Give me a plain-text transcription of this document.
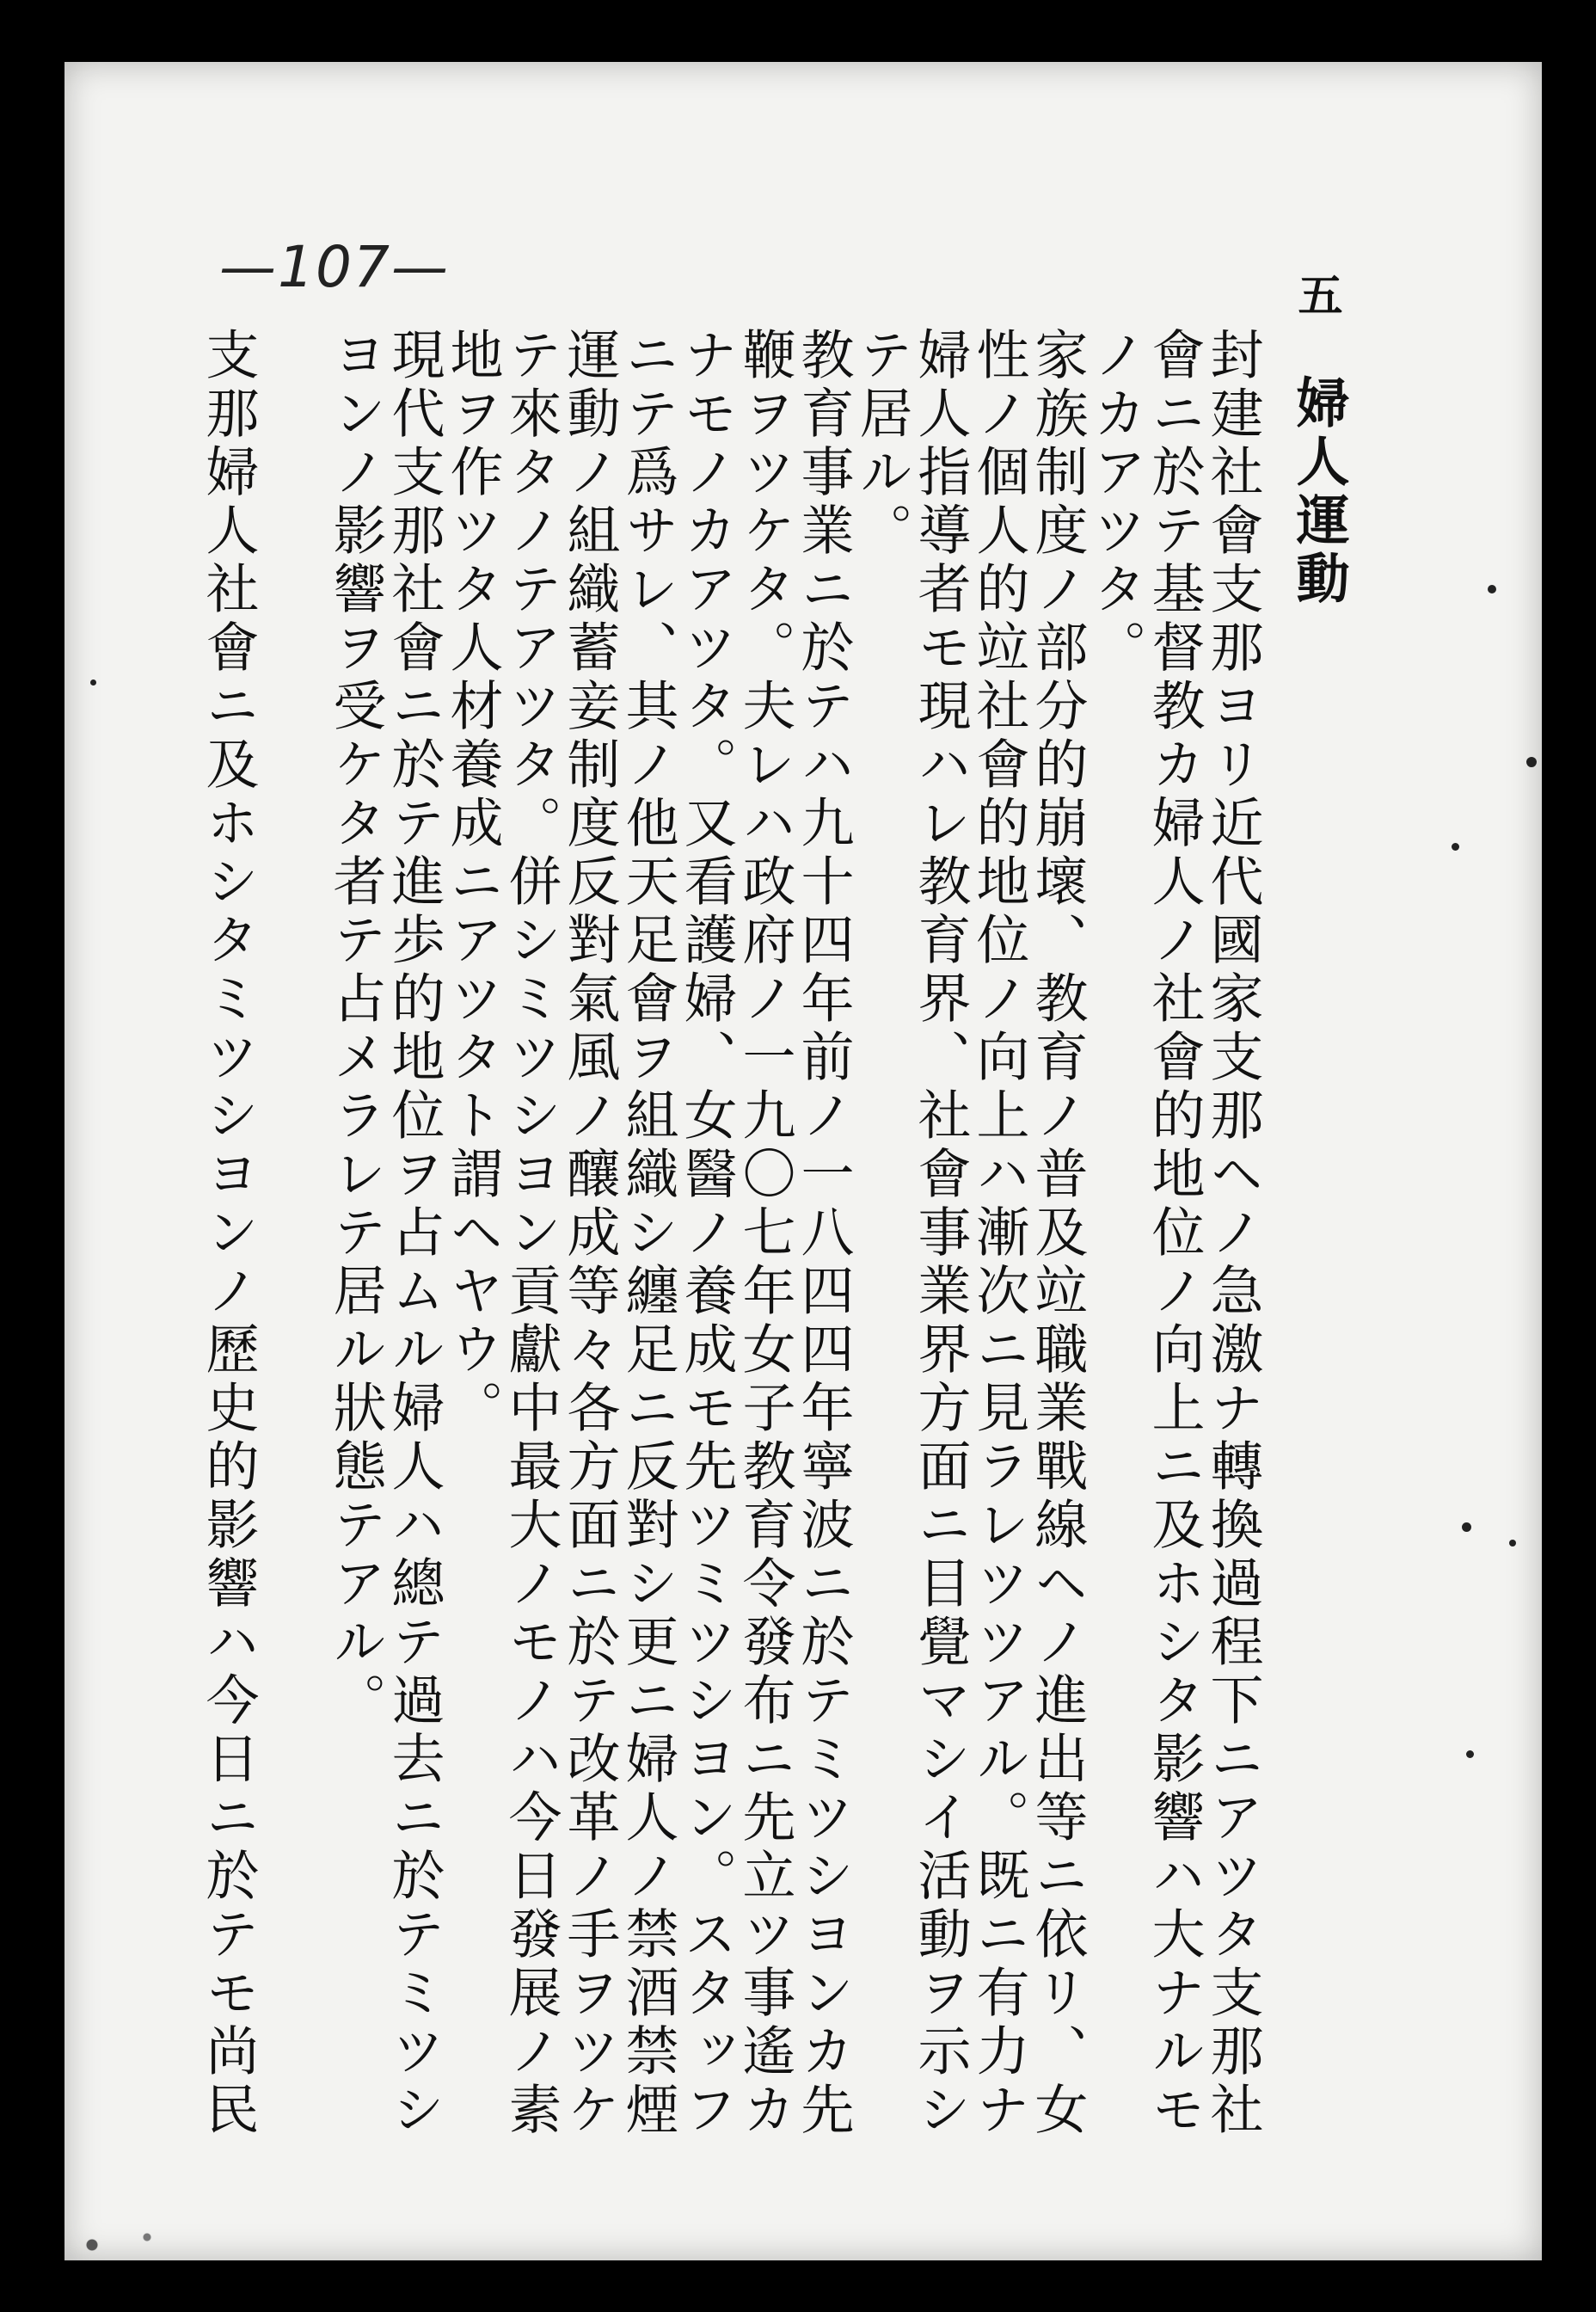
—107—	五
婦人運動
封建社會支那ヨリ近代國家支那ヘノ急激ナ轉換過程下ニアツタ支那社
會ニ於テ基督教カ婦人ノ社會的地位ノ向上ニ及ホシタ影響ハ大ナルモ
ノカアツタ。
家族制度ノ部分的崩壞、教育ノ普及竝職業戰線ヘノ進出等ニ依リ、女
性ノ個人的竝社會的地位ノ向上ハ漸次ニ見ラレツツアル。既ニ有力ナ
婦人指導者モ現ハレ教育界、社會事業界方面ニ目覺マシイ活動ヲ示シ
テ居ル。
教育事業ニ於テハ九十四年前ノ一八四四年寧波ニ於テミツシヨンカ先
鞭ヲツケタ。夫レハ政府ノ一九〇七年女子教育令發布ニ先立ツ事遙カ
ナモノカアツタ。又看護婦、女醫ノ養成モ先ツミツシヨン。スタッフ
ニテ爲サレ、其ノ他天足會ヲ組織シ纏足ニ反對シ更ニ婦人ノ禁酒禁煙
運動ノ組織蓄妾制度反對氣風ノ釀成等々各方面ニ於テ改革ノ手ヲツケ
テ來タノテアツタ。併シミツシヨン貢獻中最大ノモノハ今日發展ノ素
地ヲ作ツタ人材養成ニアツタト謂ヘヤウ。
現代支那社會ニ於テ進歩的地位ヲ占ムル婦人ハ總テ過去ニ於テミツシ
ヨンノ影響ヲ受ケタ者テ占メラレテ居ル狀態テアル。
支那婦人社會ニ及ホシタミツシヨンノ歷史的影響ハ今日ニ於テモ尚民
